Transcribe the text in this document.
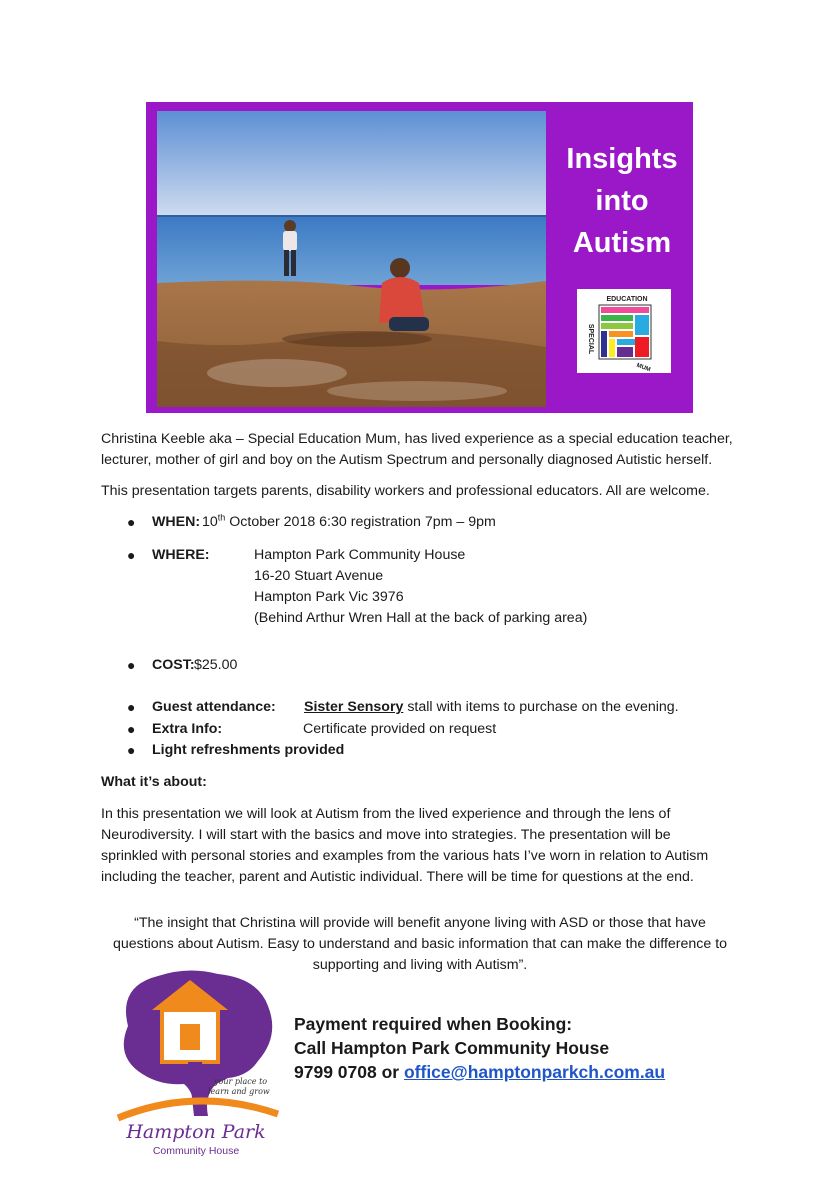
Insights
into
Autism
EDUCATION
SPECIAL
MUM
Christina Keeble aka – Special Education Mum, has lived experience as a special education teacher,
lecturer, mother of girl and boy on the Autism Spectrum and personally diagnosed Autistic herself.
This presentation targets parents, disability workers and professional educators. All are welcome.
● WHEN: 10th October 2018 6:30 registration 7pm – 9pm
● WHERE:	Hampton Park Community House
16-20 Stuart Avenue
Hampton Park Vic 3976
(Behind Arthur Wren Hall at the back of parking area)
● COST: $25.00
● Guest attendance: Sister Sensory stall with items to purchase on the evening.
● Extra Info:	Certificate provided on request
● Light refreshments provided
What it’s about:
In this presentation we will look at Autism from the lived experience and through the lens of
Neurodiversity. I will start with the basics and move into strategies. The presentation will be
sprinkled with personal stories and examples from the various hats I’ve worn in relation to Autism
including the teacher, parent and Autistic individual. There will be time for questions at the end.
“The insight that Christina will provide will benefit anyone living with ASD or those that have
questions about Autism. Easy to understand and basic information that can make the difference to
supporting and living with Autism”.
your place to
learn and grow
Hampton Park
Community House
Payment required when Booking:
Call Hampton Park Community House
9799 0708 or office@hamptonparkch.com.au
